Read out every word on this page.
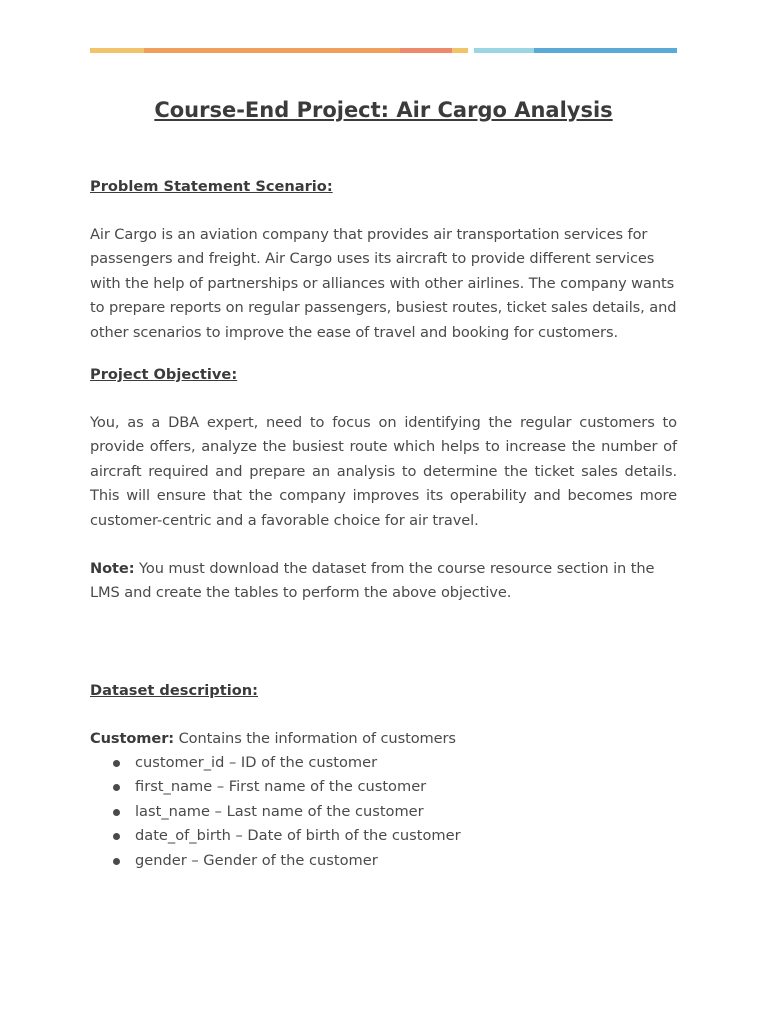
Course-End Project: Air Cargo Analysis
Problem Statement Scenario:

Air Cargo is an aviation company that provides air transportation services for passengers and freight. Air Cargo uses its aircraft to provide different services with the help of partnerships or alliances with other airlines. The company wants to prepare reports on regular passengers, busiest routes, ticket sales details, and other scenarios to improve the ease of travel and booking for customers.

Project Objective:

You, as a DBA expert, need to focus on identifying the regular customers to provide offers, analyze the busiest route which helps to increase the number of aircraft required and prepare an analysis to determine the ticket sales details. This will ensure that the company improves its operability and becomes more customer-centric and a favorable choice for air travel.

Note: You must download the dataset from the course resource section in the LMS and create the tables to perform the above objective.

Dataset description:

Customer: Contains the information of customers

customer_id – ID of the customer
first_name – First name of the customer
last_name – Last name of the customer
date_of_birth – Date of birth of the customer
gender – Gender of the customer
